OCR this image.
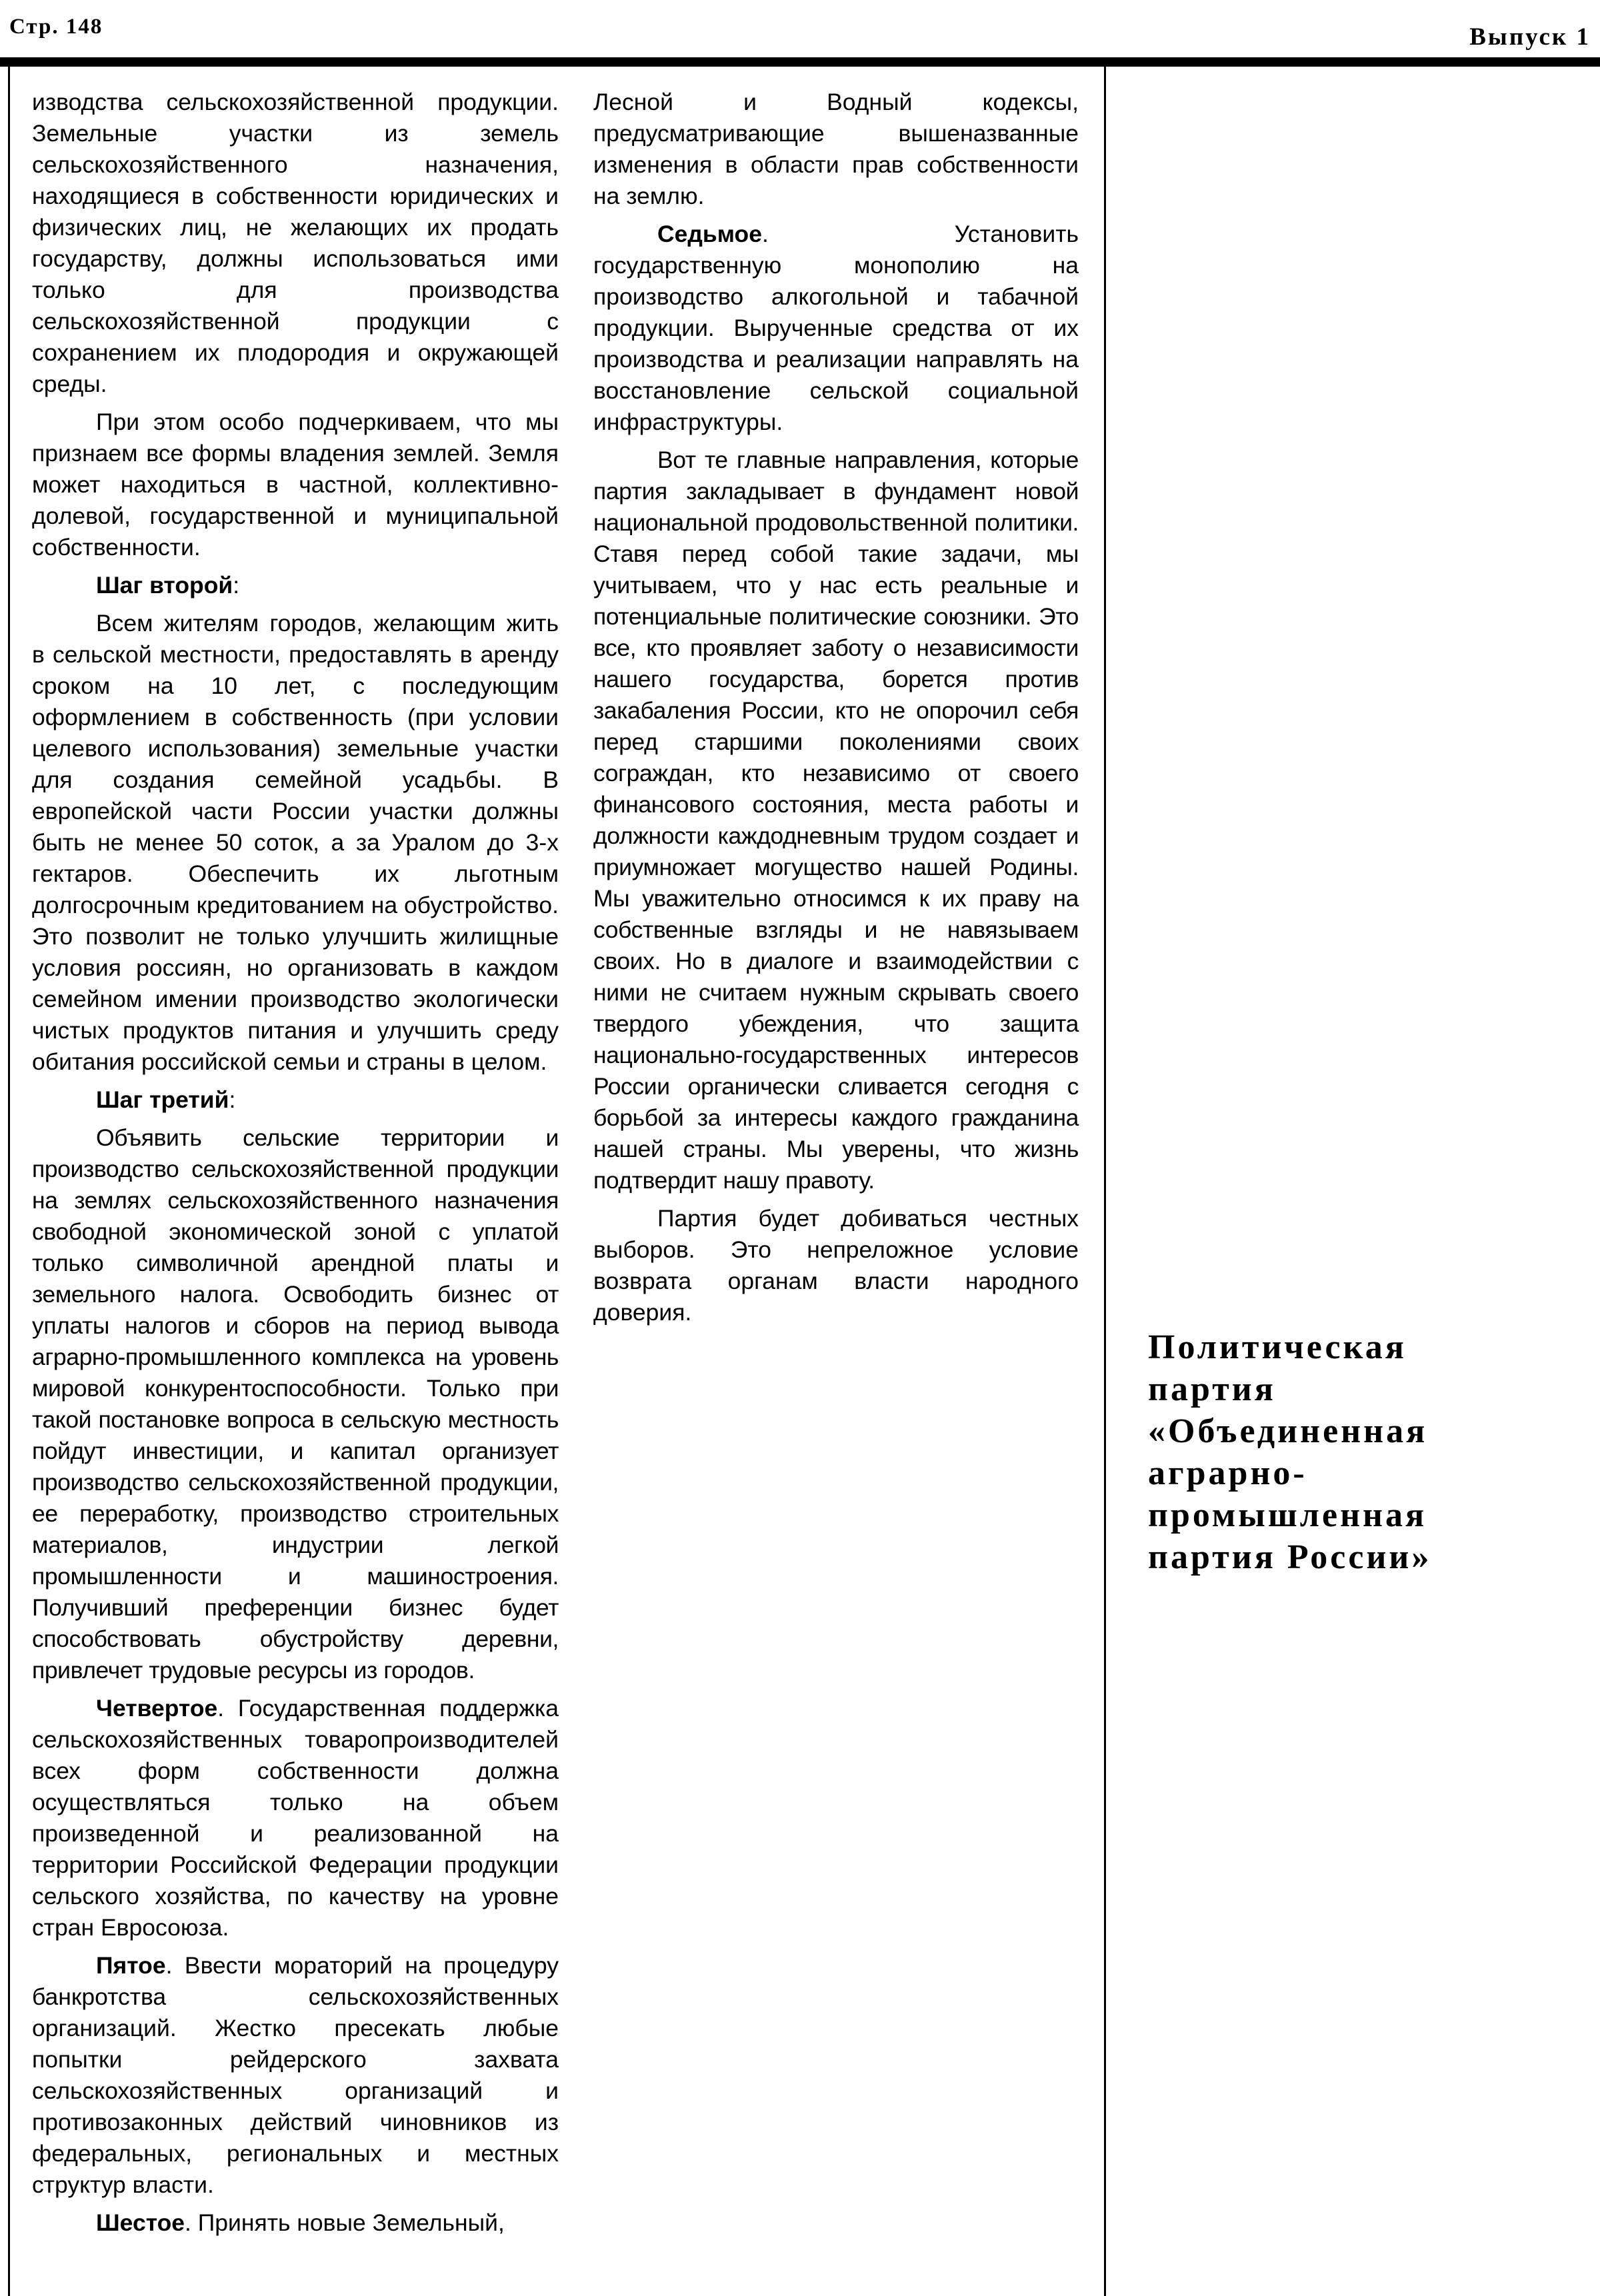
Стр. 148	Выпуск 1

изводства сельскохозяйственной продукции. Земельные участки из земель сельскохозяйственного назначения, находящиеся в собственности юридических и физических лиц, не желающих их продать государству, должны использоваться ими только для производства сельскохозяйственной продукции с сохранением их плодородия и окружающей среды.

При этом особо подчеркиваем, что мы признаем все формы владения землей. Земля может находиться в частной, коллективно-долевой, государственной и муниципальной собственности.

Шаг второй:

Всем жителям городов, желающим жить в сельской местности, предоставлять в аренду сроком на 10 лет, с последующим оформлением в собственность (при условии целевого использования) земельные участки для создания семейной усадьбы. В европейской части России участки должны быть не менее 50 соток, а за Уралом до 3-х гектаров. Обеспечить их льготным долгосрочным кредитованием на обустройство. Это позволит не только улучшить жилищные условия россиян, но организовать в каждом семейном имении производство экологически чистых продуктов питания и улучшить среду обитания российской семьи и страны в целом.

Шаг третий:

Объявить сельские территории и производство сельскохозяйственной продукции на землях сельскохозяйственного назначения свободной экономической зоной с уплатой только символичной арендной платы и земельного налога. Освободить бизнес от уплаты налогов и сборов на период вывода аграрно-промышленного комплекса на уровень мировой конкурентоспособности. Только при такой постановке вопроса в сельскую местность пойдут инвестиции, и капитал организует производство сельскохозяйственной продукции, ее переработку, производство строительных материалов, индустрии легкой промышленности и машиностроения. Получивший преференции бизнес будет способствовать обустройству деревни, привлечет трудовые ресурсы из городов.

Четвертое. Государственная поддержка сельскохозяйственных товаропроизводителей всех форм собственности должна осуществляться только на объем произведенной и реализованной на территории Российской Федерации продукции сельского хозяйства, по качеству на уровне стран Евросоюза.

Пятое. Ввести мораторий на процедуру банкротства сельскохозяйственных организаций. Жестко пресекать любые попытки рейдерского захвата сельскохозяйственных организаций и противозаконных действий чиновников из федеральных, региональных и местных структур власти.

Шестое. Принять новые Земельный,

Лесной и Водный кодексы, предусматривающие вышеназванные изменения в области прав собственности на землю.

Седьмое. Установить государственную монополию на производство алкогольной и табачной продукции. Вырученные средства от их производства и реализации направлять на восстановление сельской социальной инфраструктуры.

Вот те главные направления, которые партия закладывает в фундамент новой национальной продовольственной политики. Ставя перед собой такие задачи, мы учитываем, что у нас есть реальные и потенциальные политические союзники. Это все, кто проявляет заботу о независимости нашего государства, борется против закабаления России, кто не опорочил себя перед старшими поколениями своих сограждан, кто независимо от своего финансового состояния, места работы и должности каждодневным трудом создает и приумножает могущество нашей Родины. Мы уважительно относимся к их праву на собственные взгляды и не навязываем своих. Но в диалоге и взаимодействии с ними не считаем нужным скрывать своего твердого убеждения, что защита национально-государственных интересов России органически сливается сегодня с борьбой за интересы каждого гражданина нашей страны. Мы уверены, что жизнь подтвердит нашу правоту.

Партия будет добиваться честных выборов. Это непреложное условие возврата органам власти народного доверия.

Политическая
партия
«Объединенная
аграрно-
промышленная
партия России»
